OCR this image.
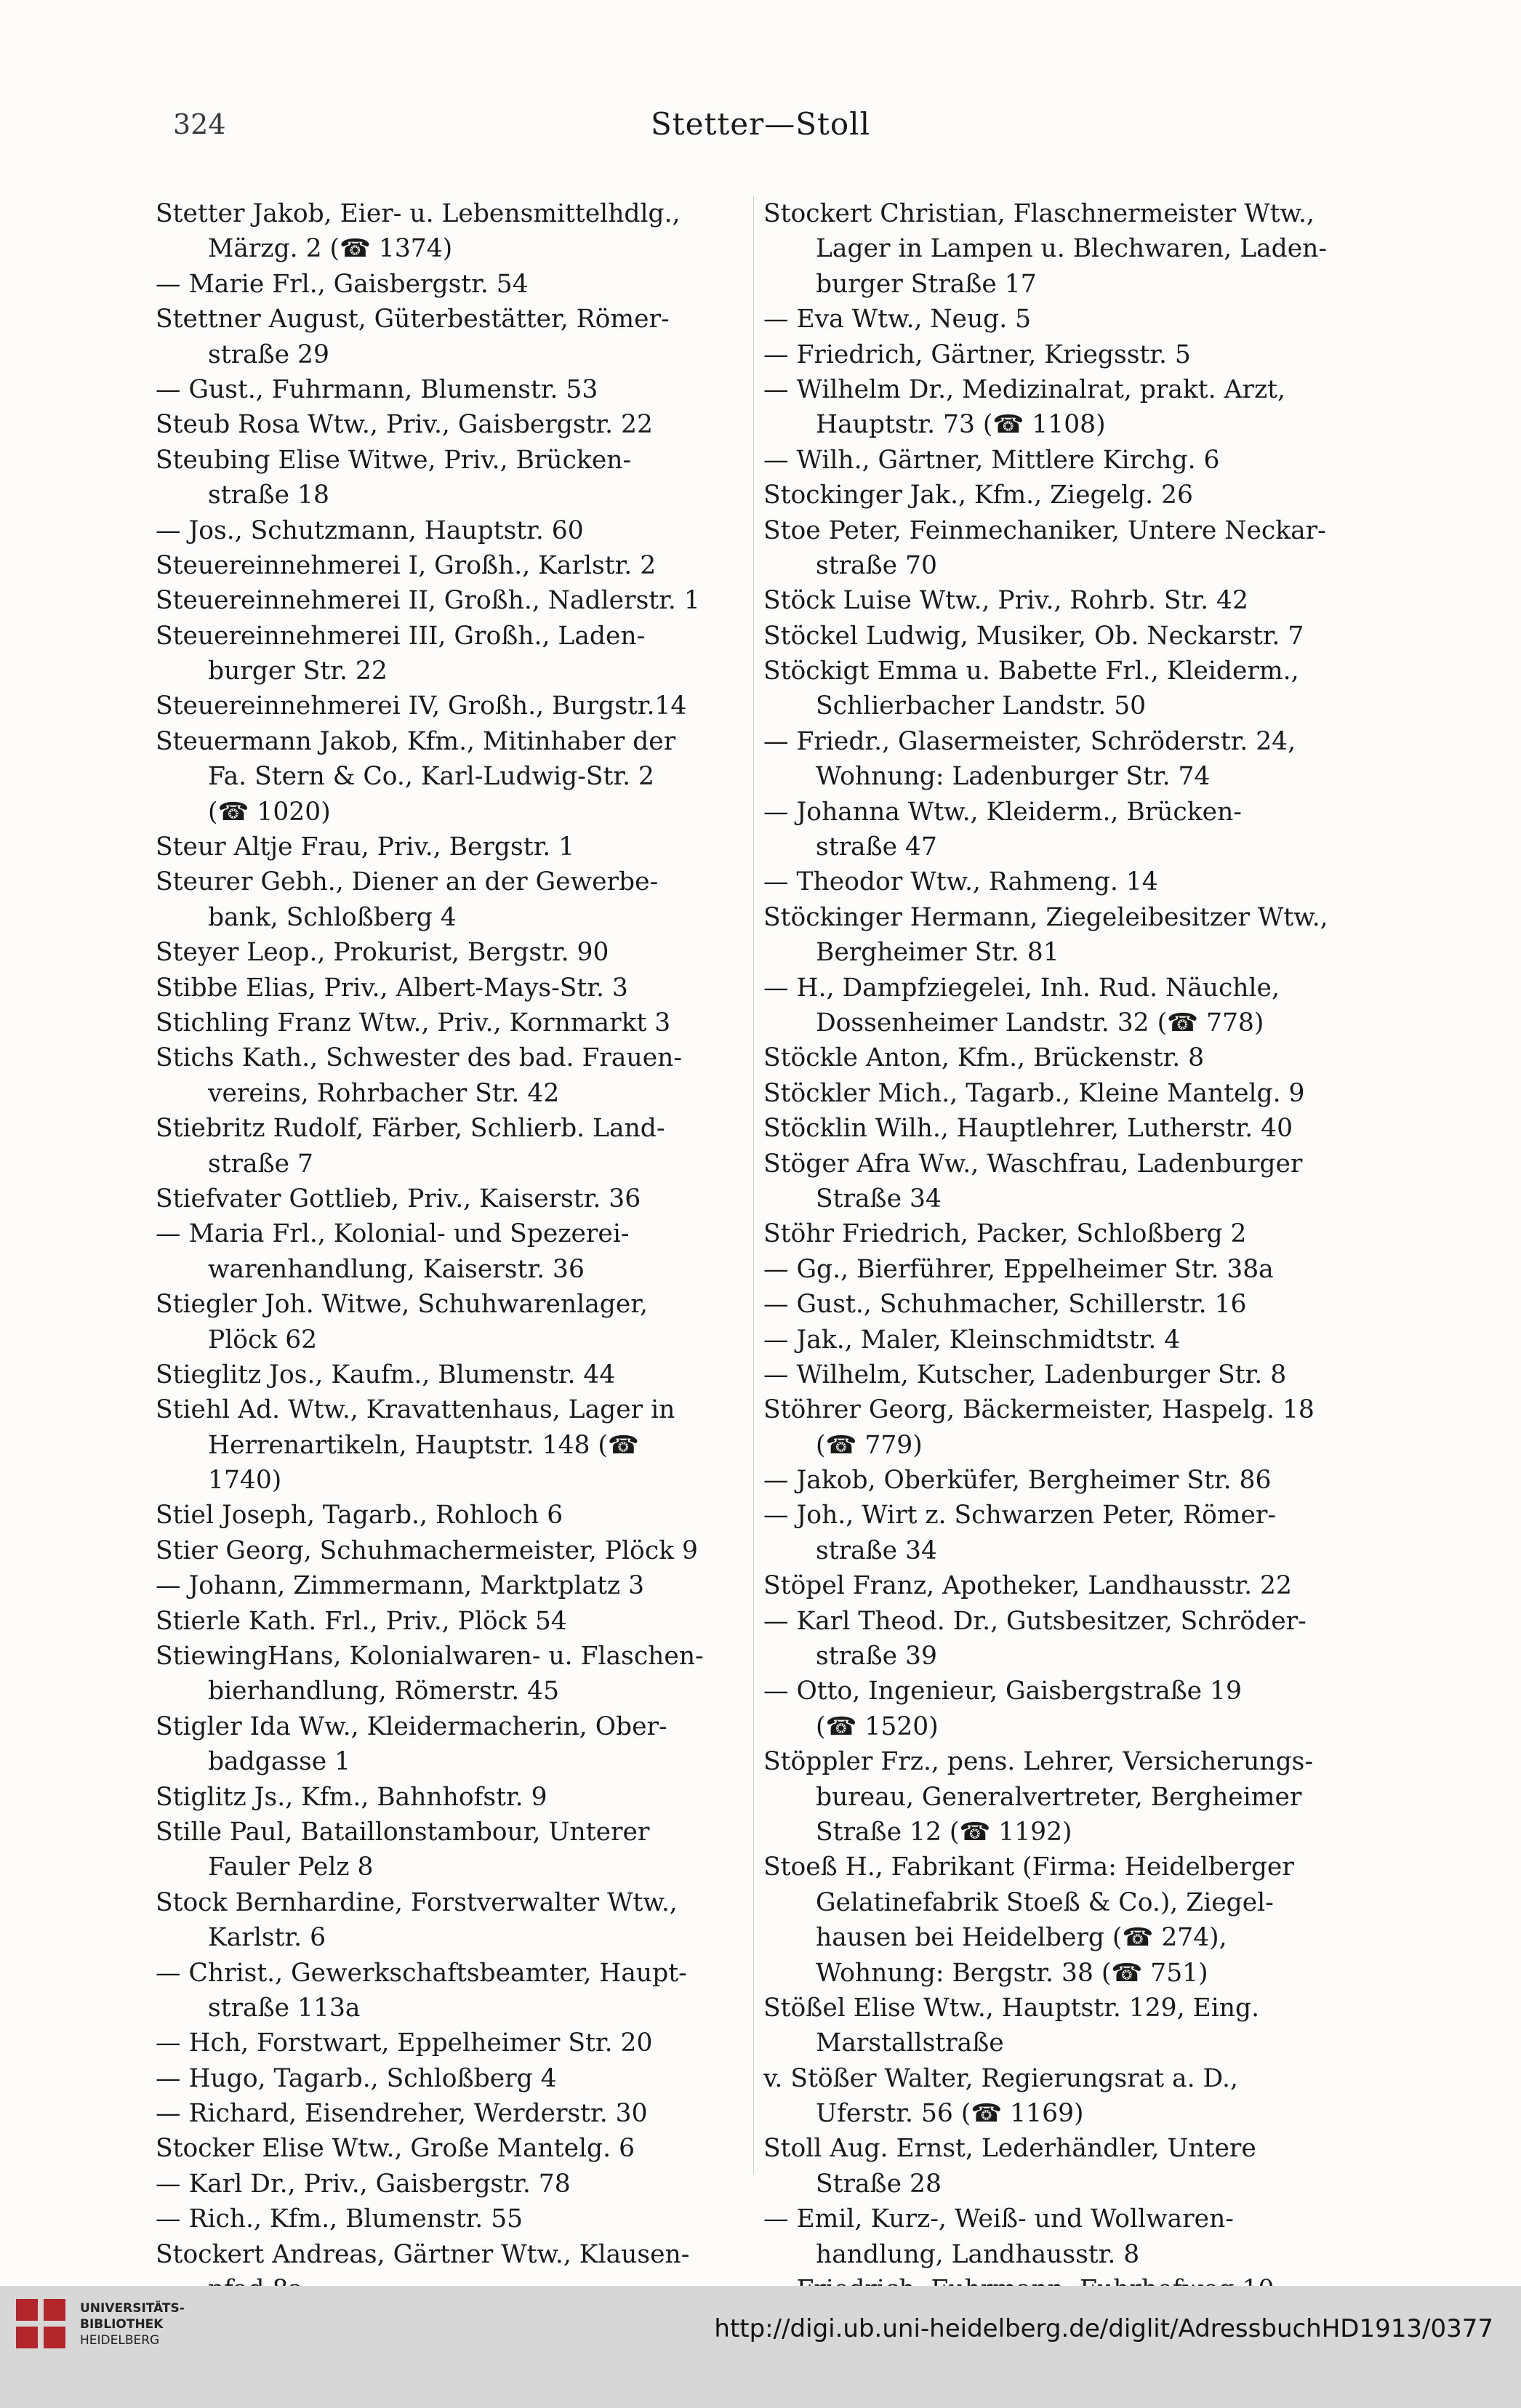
324	Stetter—Stoll
Stetter Jakob, Eier- u. Lebensmittelhdlg.,
Märzg. 2 (☎ 1374)
— Marie Frl., Gaisbergstr. 54
Stettner August, Güterbestätter, Römer-
straße 29
— Gust., Fuhrmann, Blumenstr. 53
Steub Rosa Wtw., Priv., Gaisbergstr. 22
Steubing Elise Witwe, Priv., Brücken-
straße 18
— Jos., Schutzmann, Hauptstr. 60
Steuereinnehmerei I, Großh., Karlstr. 2
Steuereinnehmerei II, Großh., Nadlerstr. 1
Steuereinnehmerei III, Großh., Laden-
burger Str. 22
Steuereinnehmerei IV, Großh., Burgstr.14
Steuermann Jakob, Kfm., Mitinhaber der
Fa. Stern & Co., Karl-Ludwig-Str. 2
(☎ 1020)
Steur Altje Frau, Priv., Bergstr. 1
Steurer Gebh., Diener an der Gewerbe-
bank, Schloßberg 4
Steyer Leop., Prokurist, Bergstr. 90
Stibbe Elias, Priv., Albert-Mays-Str. 3
Stichling Franz Wtw., Priv., Kornmarkt 3
Stichs Kath., Schwester des bad. Frauen-
vereins, Rohrbacher Str. 42
Stiebritz Rudolf, Färber, Schlierb. Land-
straße 7
Stiefvater Gottlieb, Priv., Kaiserstr. 36
— Maria Frl., Kolonial- und Spezerei-
warenhandlung, Kaiserstr. 36
Stiegler Joh. Witwe, Schuhwarenlager,
Plöck 62
Stieglitz Jos., Kaufm., Blumenstr. 44
Stiehl Ad. Wtw., Kravattenhaus, Lager in
Herrenartikeln, Hauptstr. 148 (☎
1740)
Stiel Joseph, Tagarb., Rohloch 6
Stier Georg, Schuhmachermeister, Plöck 9
— Johann, Zimmermann, Marktplatz 3
Stierle Kath. Frl., Priv., Plöck 54
StiewingHans, Kolonialwaren- u. Flaschen-
bierhandlung, Römerstr. 45
Stigler Ida Ww., Kleidermacherin, Ober-
badgasse 1
Stiglitz Js., Kfm., Bahnhofstr. 9
Stille Paul, Bataillonstambour, Unterer
Fauler Pelz 8
Stock Bernhardine, Forstverwalter Wtw.,
Karlstr. 6
— Christ., Gewerkschaftsbeamter, Haupt-
straße 113a
— Hch, Forstwart, Eppelheimer Str. 20
— Hugo, Tagarb., Schloßberg 4
— Richard, Eisendreher, Werderstr. 30
Stocker Elise Wtw., Große Mantelg. 6
— Karl Dr., Priv., Gaisbergstr. 78
— Rich., Kfm., Blumenstr. 55
Stockert Andreas, Gärtner Wtw., Klausen-
Stockert Christian, Flaschnermeister Wtw.,
Lager in Lampen u. Blechwaren, Laden-
burger Straße 17
— Eva Wtw., Neug. 5
— Friedrich, Gärtner, Kriegsstr. 5
— Wilhelm Dr., Medizinalrat, prakt. Arzt,
Hauptstr. 73 (☎ 1108)
— Wilh., Gärtner, Mittlere Kirchg. 6
Stockinger Jak., Kfm., Ziegelg. 26
Stoe Peter, Feinmechaniker, Untere Neckar-
straße 70
Stöck Luise Wtw., Priv., Rohrb. Str. 42
Stöckel Ludwig, Musiker, Ob. Neckarstr. 7
Stöckigt Emma u. Babette Frl., Kleiderm.,
Schlierbacher Landstr. 50
— Friedr., Glasermeister, Schröderstr. 24,
Wohnung: Ladenburger Str. 74
— Johanna Wtw., Kleiderm., Brücken-
straße 47
— Theodor Wtw., Rahmeng. 14
Stöckinger Hermann, Ziegeleibesitzer Wtw.,
Bergheimer Str. 81
— H., Dampfziegelei, Inh. Rud. Näuchle,
Dossenheimer Landstr. 32 (☎ 778)
Stöckle Anton, Kfm., Brückenstr. 8
Stöckler Mich., Tagarb., Kleine Mantelg. 9
Stöcklin Wilh., Hauptlehrer, Lutherstr. 40
Stöger Afra Ww., Waschfrau, Ladenburger
Straße 34
Stöhr Friedrich, Packer, Schloßberg 2
— Gg., Bierführer, Eppelheimer Str. 38a
— Gust., Schuhmacher, Schillerstr. 16
— Jak., Maler, Kleinschmidtstr. 4
— Wilhelm, Kutscher, Ladenburger Str. 8
Stöhrer Georg, Bäckermeister, Haspelg. 18
(☎ 779)
— Jakob, Oberküfer, Bergheimer Str. 86
— Joh., Wirt z. Schwarzen Peter, Römer-
straße 34
Stöpel Franz, Apotheker, Landhausstr. 22
— Karl Theod. Dr., Gutsbesitzer, Schröder-
straße 39
— Otto, Ingenieur, Gaisbergstraße 19
(☎ 1520)
Stöppler Frz., pens. Lehrer, Versicherungs-
bureau, Generalvertreter, Bergheimer
Straße 12 (☎ 1192)
Stoeß H., Fabrikant (Firma: Heidelberger
Gelatinefabrik Stoeß & Co.), Ziegel-
hausen bei Heidelberg (☎ 274),
Wohnung: Bergstr. 38 (☎ 751)
Stößel Elise Wtw., Hauptstr. 129, Eing.
Marstallstraße
v. Stößer Walter, Regierungsrat a. D.,
Uferstr. 56 (☎ 1169)
Stoll Aug. Ernst, Lederhändler, Untere
Straße 28
— Emil, Kurz-, Weiß- und Wollwaren-
handlung, Landhausstr. 8
UNIVERSITÄTS-
BIBLIOTHEK
HEIDELBERG	http://digi.ub.uni-heidelberg.de/diglit/AdressbuchHD1913/0377
